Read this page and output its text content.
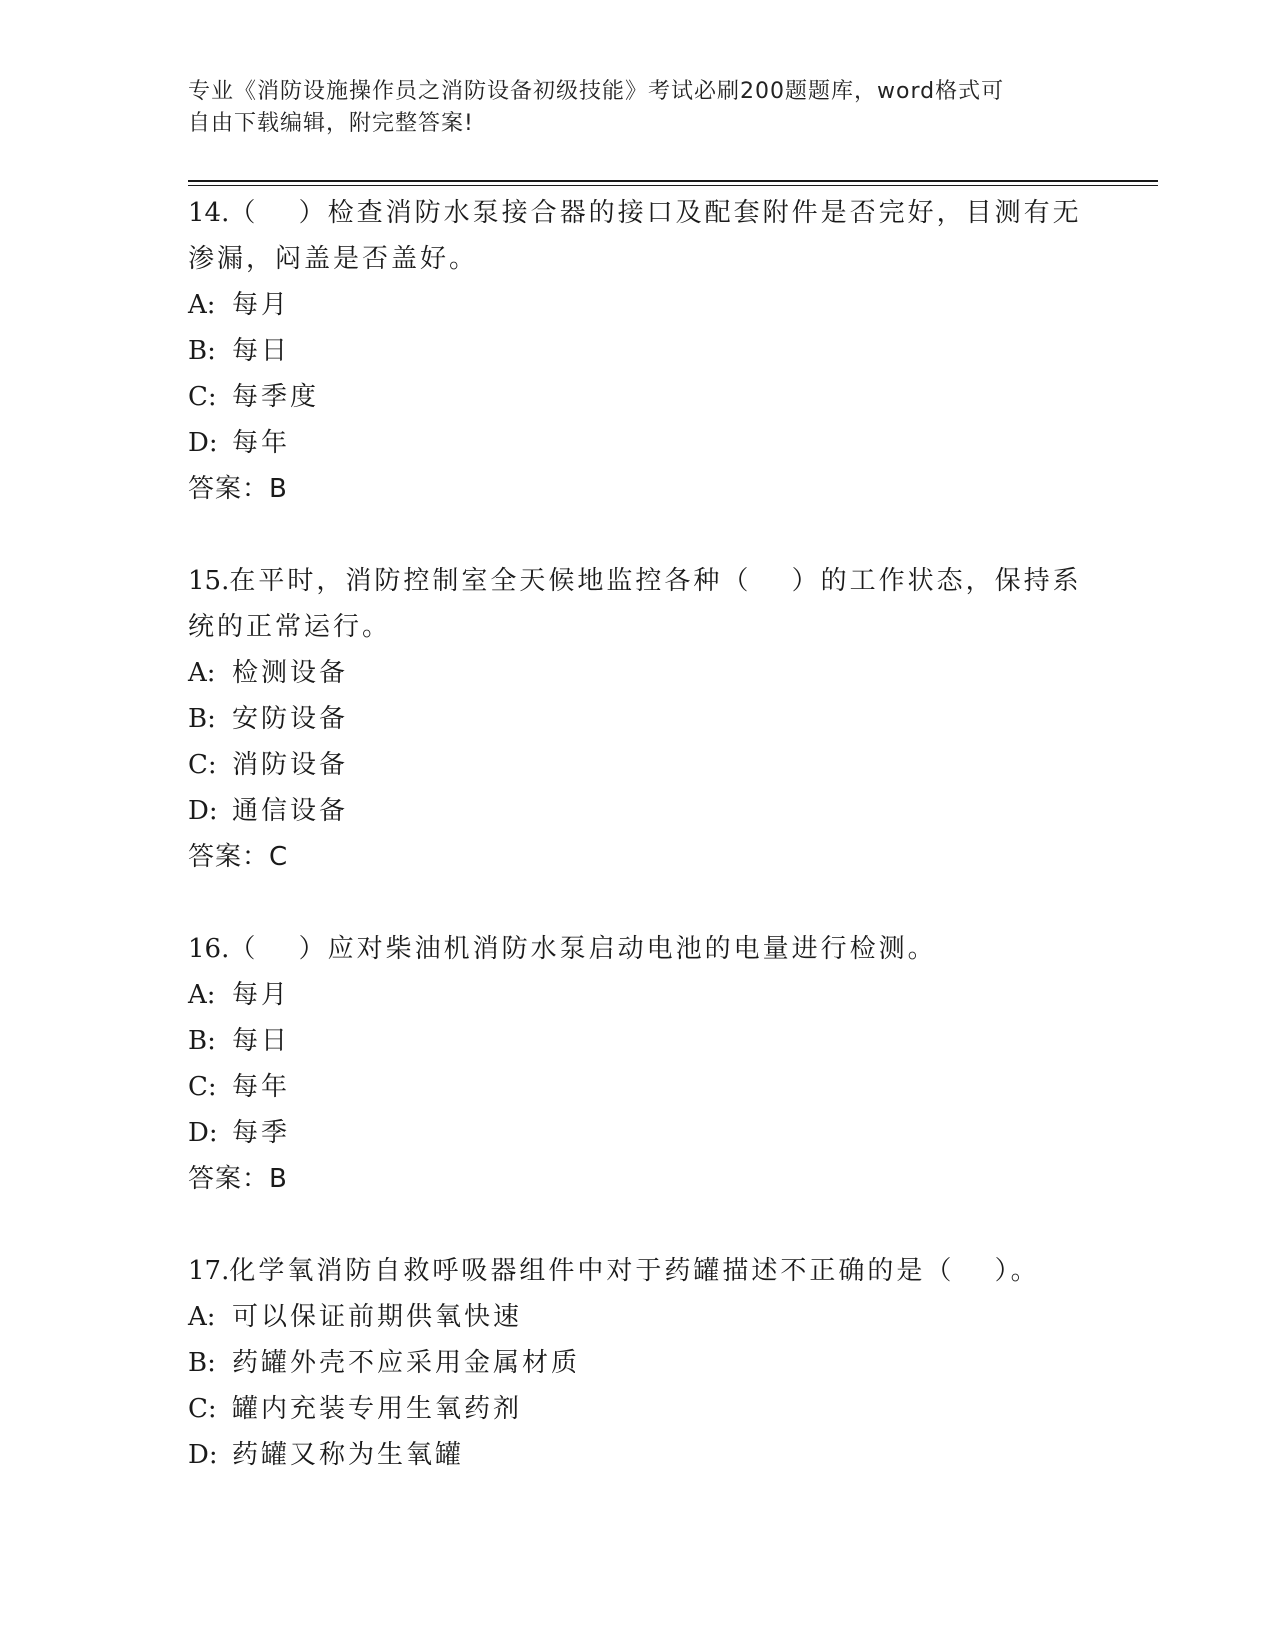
专业《消防设施操作员之消防设备初级技能》考试必刷200题题库，word格式可
自由下载编辑，附完整答案!

14.（　 ）检查消防水泵接合器的接口及配套附件是否完好，目测有无

渗漏，闷盖是否盖好。

A: 每月

B: 每日

C: 每季度

D: 每年

答案：B

15.在平时，消防控制室全天候地监控各种（　 ）的工作状态，保持系

统的正常运行。

A: 检测设备

B: 安防设备

C: 消防设备

D: 通信设备

答案：C

16.（　 ）应对柴油机消防水泵启动电池的电量进行检测。

A: 每月

B: 每日

C: 每年

D: 每季

答案：B

17.化学氧消防自救呼吸器组件中对于药罐描述不正确的是（　 ）。

A: 可以保证前期供氧快速

B: 药罐外壳不应采用金属材质

C: 罐内充装专用生氧药剂

D: 药罐又称为生氧罐
